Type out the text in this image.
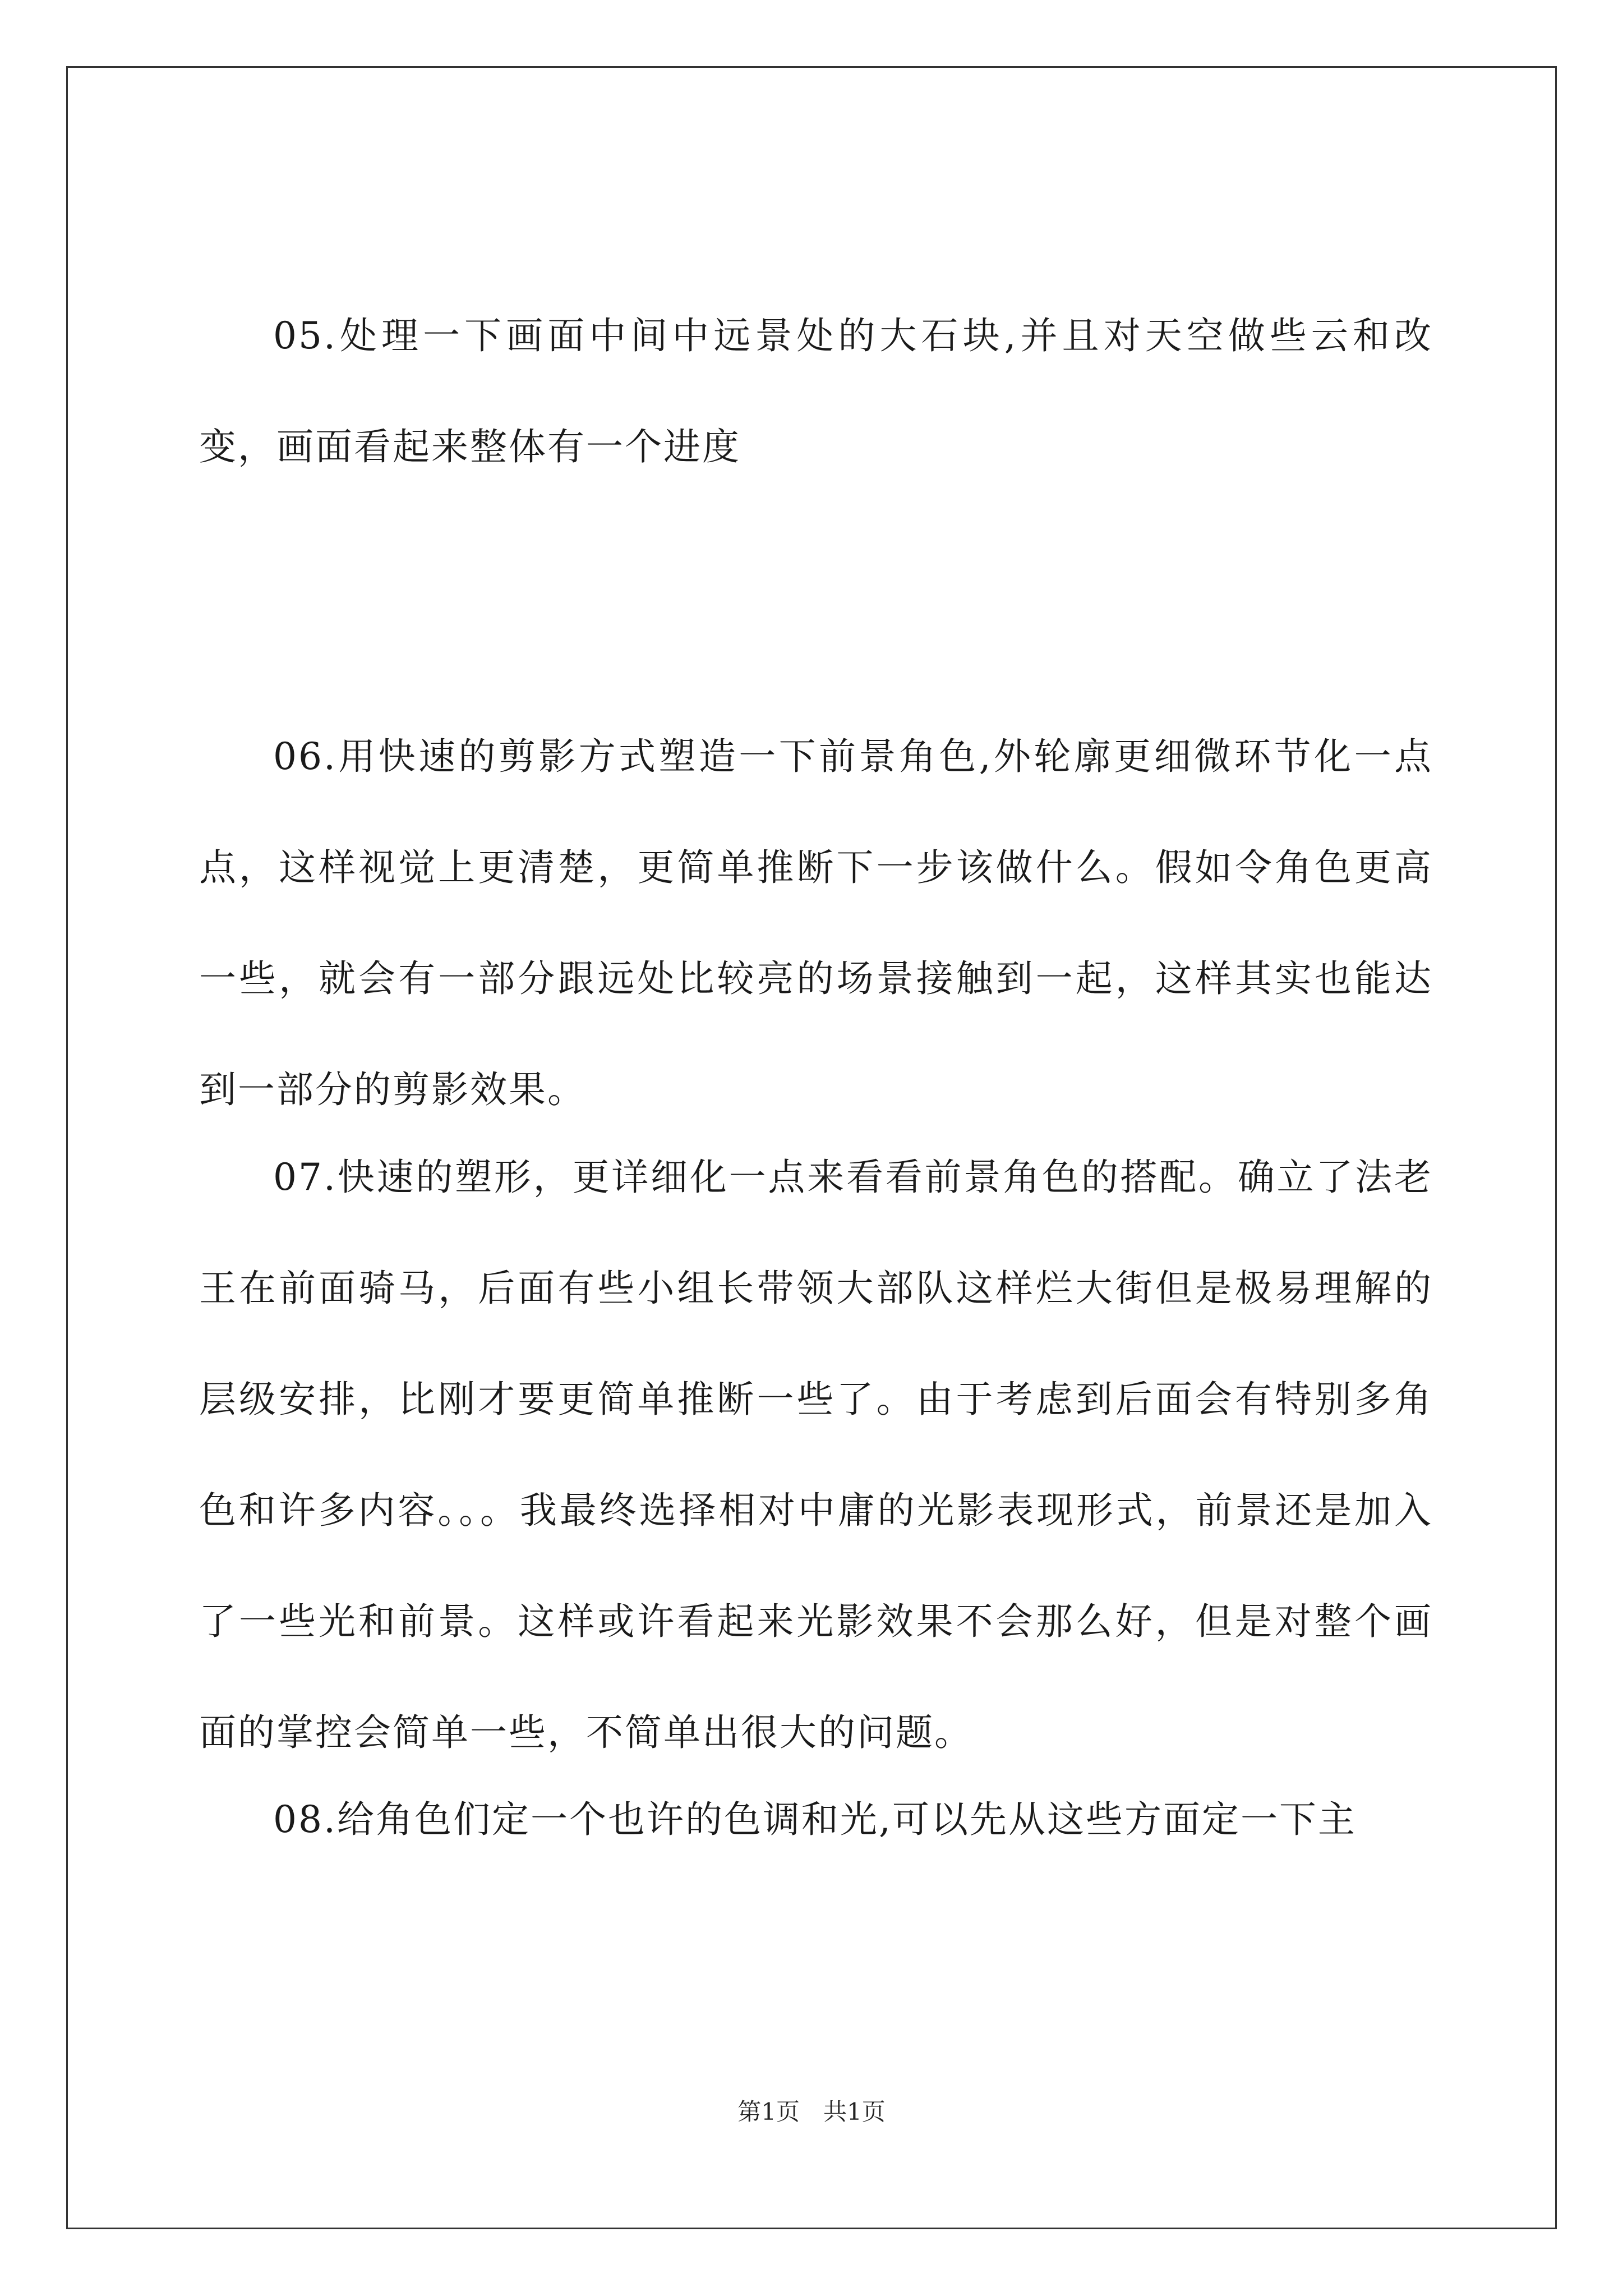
05.处理一下画面中间中远景处的大石块,并且对天空做些云和改变，画面看起来整体有一个进度

06.用快速的剪影方式塑造一下前景角色,外轮廓更细微环节化一点点，这样视觉上更清楚，更简单推断下一步该做什么。假如令角色更高一些，就会有一部分跟远处比较亮的场景接触到一起，这样其实也能达到一部分的剪影效果。

07.快速的塑形，更详细化一点来看看前景角色的搭配。确立了法老王在前面骑马，后面有些小组长带领大部队这样烂大街但是极易理解的层级安排，比刚才要更简单推断一些了。由于考虑到后面会有特别多角色和许多内容。。。我最终选择相对中庸的光影表现形式，前景还是加入了一些光和前景。这样或许看起来光影效果不会那么好，但是对整个画面的掌控会简单一些，不简单出很大的问题。

08.给角色们定一个也许的色调和光,可以先从这些方面定一下主

第1页　共1页
